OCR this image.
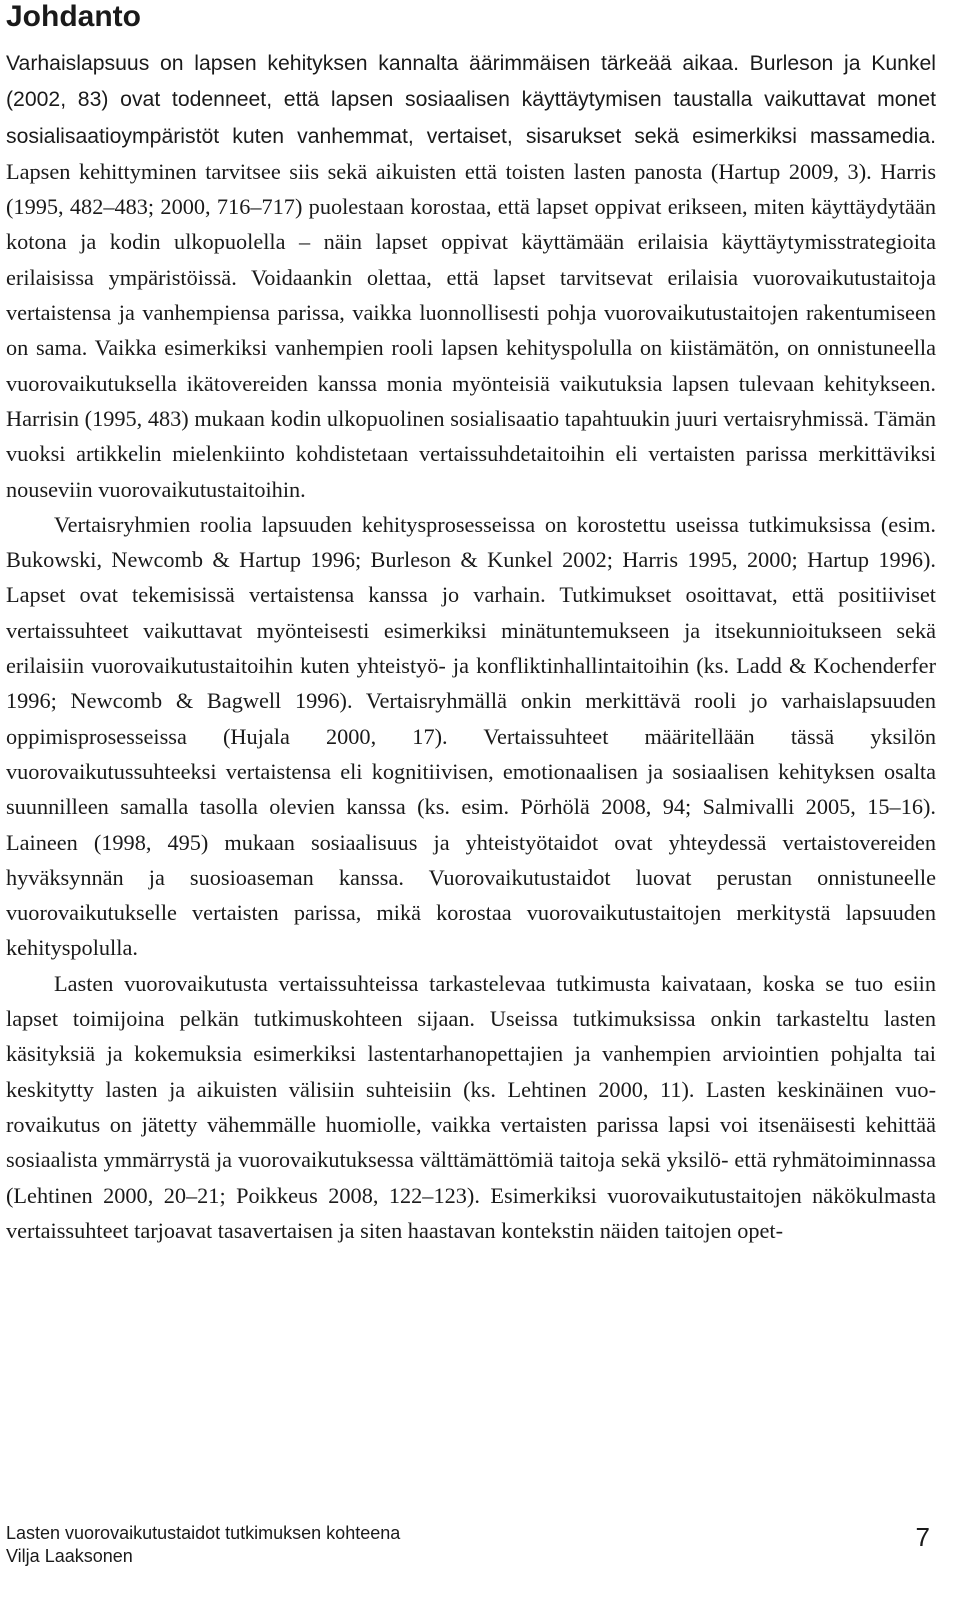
Johdanto

Varhaislapsuus on lapsen kehityksen kannalta äärimmäisen tärkeää aikaa. Burleson ja Kunkel (2002, 83) ovat todenneet, että lapsen sosiaalisen käyttäytymisen taustalla vaikuttavat monet sosialisaatioympäristöt kuten vanhemmat, vertaiset, sisarukset sekä esimerkiksi massamedia. Lapsen kehittyminen tarvitsee siis sekä aikuisten että toisten lasten panosta (Hartup 2009, 3). Harris (1995, 482–483; 2000, 716–717) puolestaan korostaa, että lapset oppivat erikseen, miten käyttäydytään kotona ja kodin ulkopuolella – näin lapset oppivat käyttämään erilaisia käyttäytymisstrategioita erilaisissa ympäristöissä. Voidaankin olettaa, että lapset tarvitsevat erilaisia vuorovaikutustaitoja vertaistensa ja vanhempiensa parissa, vaikka luonnollisesti pohja vuorovaikutustaitojen rakentumiseen on sama. Vaikka esimerkiksi vanhempien rooli lapsen kehityspolulla on kiistämätön, on onnistuneella vuorovaikutuksella ikätovereiden kanssa monia myönteisiä vaikutuksia lapsen tulevaan kehitykseen. Harrisin (1995, 483) mukaan kodin ulkopuolinen sosialisaatio tapahtuukin juuri vertaisryhmissä. Tämän vuoksi artikkelin mielenkiinto kohdistetaan vertaissuhdetaitoihin eli vertaisten parissa merkittäviksi nouseviin vuorovaikutustaitoihin.

Vertaisryhmien roolia lapsuuden kehitysprosesseissa on korostettu useissa tutkimuksissa (esim. Bukowski, Newcomb & Hartup 1996; Burleson & Kunkel 2002; Harris 1995, 2000; Hartup 1996). Lapset ovat tekemisissä vertaistensa kanssa jo varhain. Tutkimukset osoittavat, että positiiviset vertaissuhteet vaikuttavat myönteisesti esimerkiksi minätuntemukseen ja itsekunnioitukseen sekä erilaisiin vuorovaikutustaitoihin kuten yhteistyö- ja konfliktinhallintaitoihin (ks. Ladd & Kochenderfer 1996; Newcomb & Bagwell 1996). Vertaisryhmällä onkin merkittävä rooli jo varhaislapsuuden oppimisprosesseissa (Hujala 2000, 17). Vertaissuhteet määritellään tässä yksilön vuorovaikutussuhteeksi vertaistensa eli kognitiivisen, emotionaalisen ja sosiaalisen kehityksen osalta suunnilleen samalla tasolla olevien kanssa (ks. esim. Pörhölä 2008, 94; Salmivalli 2005, 15–16). Laineen (1998, 495) mukaan sosiaalisuus ja yhteistyötaidot ovat yhteydessä vertaistovereiden hyväksynnän ja suosioaseman kanssa. Vuorovaikutustaidot luovat perustan onnistuneelle vuorovaikutukselle vertaisten parissa, mikä korostaa vuorovaikutustaitojen merkitystä lapsuuden kehityspolulla.

Lasten vuorovaikutusta vertaissuhteissa tarkastelevaa tutkimusta kaivataan, koska se tuo esiin lapset toimijoina pelkän tutkimuskohteen sijaan. Useissa tutkimuksissa onkin tarkasteltu lasten käsityksiä ja kokemuksia esimerkiksi lastentarhanopettajien ja vanhempien arviointien pohjalta tai keskitytty lasten ja aikuisten välisiin suhteisiin (ks. Lehtinen 2000, 11). Lasten keskinäinen vuorovaikutus on jätetty vähemmälle huomiolle, vaikka vertaisten parissa lapsi voi itsenäisesti kehittää sosiaalista ymmärrystä ja vuorovaikutuksessa välttämättömiä taitoja sekä yksilö- että ryhmätoiminnassa (Lehtinen 2000, 20–21; Poikkeus 2008, 122–123). Esimerkiksi vuorovaikutustaitojen näkökulmasta vertaissuhteet tarjoavat tasavertaisen ja siten haastavan kontekstin näiden taitojen opet-

Lasten vuorovaikutustaidot tutkimuksen kohteena
Vilja Laaksonen
7
